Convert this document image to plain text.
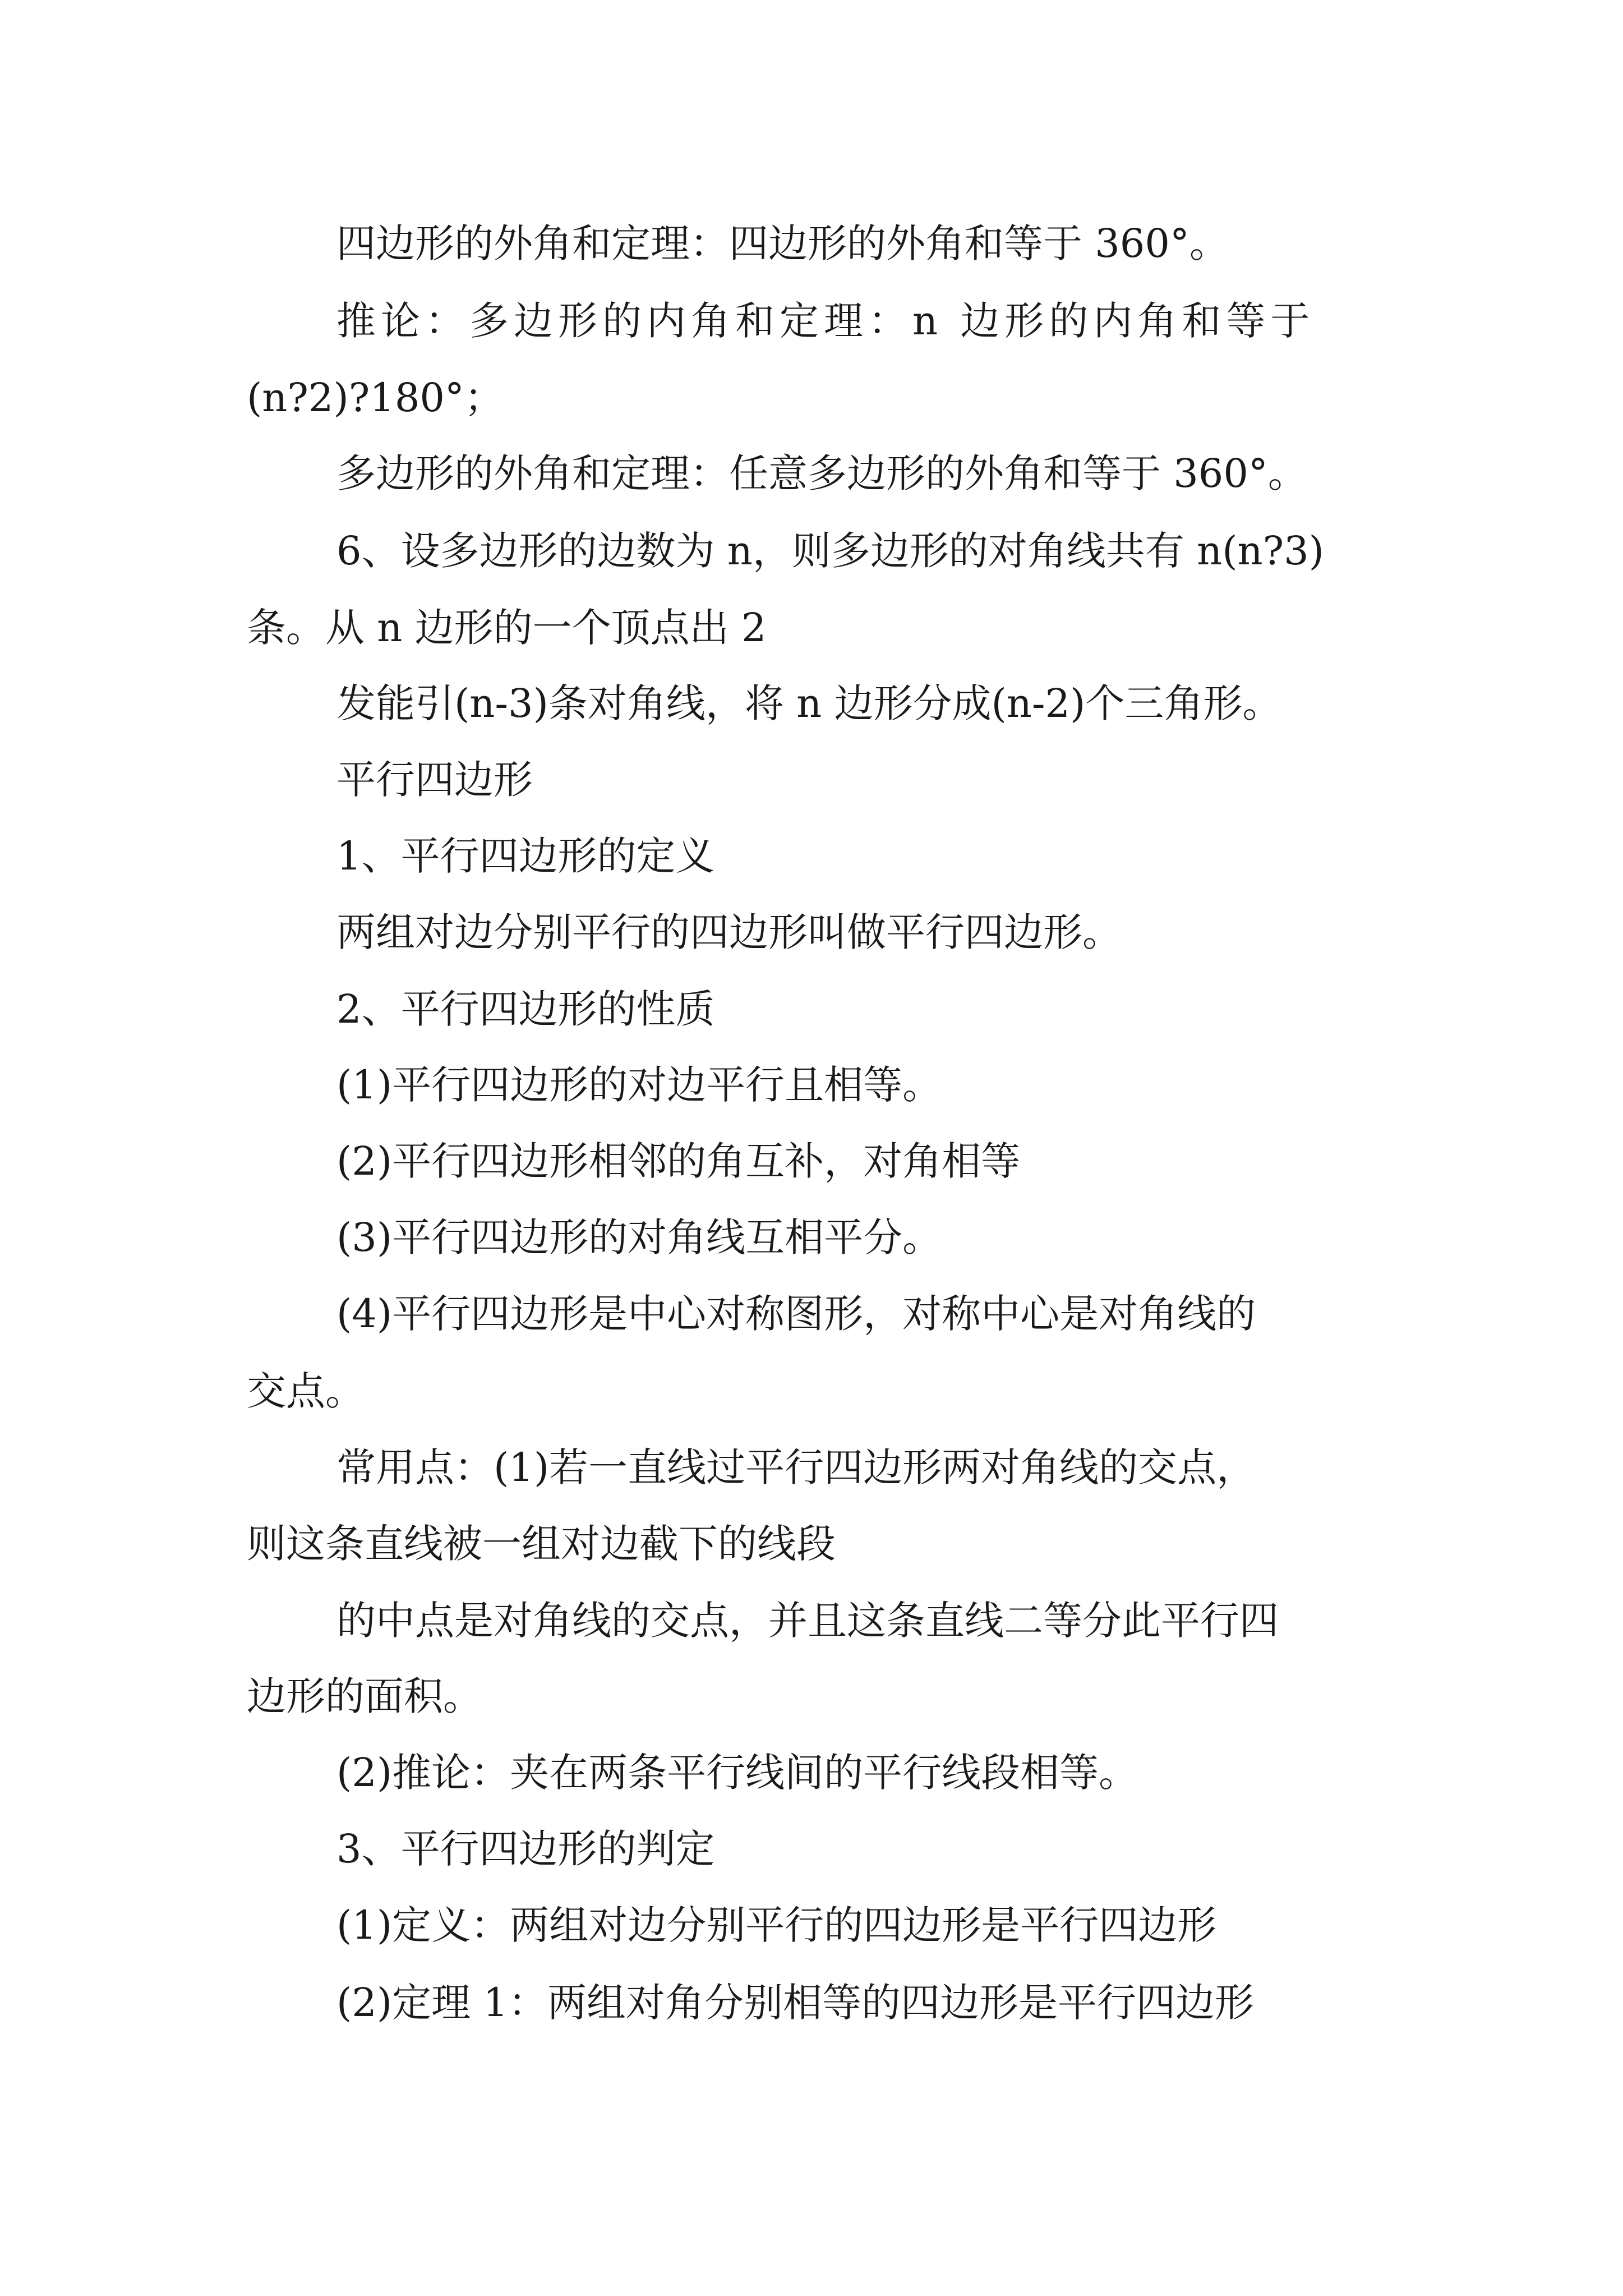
四边形的外角和定理：四边形的外角和等于 360°。

推论：多边形的内角和定理：n 边形的内角和等于

(n?2)?180°；

多边形的外角和定理：任意多边形的外角和等于 360°。

6、设多边形的边数为 n，则多边形的对角线共有 n(n?3)

条。从 n 边形的一个顶点出 2

发能引(n-3)条对角线，将 n 边形分成(n-2)个三角形。

平行四边形

1、平行四边形的定义

两组对边分别平行的四边形叫做平行四边形。

2、平行四边形的性质

(1)平行四边形的对边平行且相等。

(2)平行四边形相邻的角互补，对角相等

(3)平行四边形的对角线互相平分。

(4)平行四边形是中心对称图形，对称中心是对角线的

交点。

常用点：(1)若一直线过平行四边形两对角线的交点，

则这条直线被一组对边截下的线段

的中点是对角线的交点，并且这条直线二等分此平行四

边形的面积。

(2)推论：夹在两条平行线间的平行线段相等。

3、平行四边形的判定

(1)定义：两组对边分别平行的四边形是平行四边形

(2)定理 1：两组对角分别相等的四边形是平行四边形
